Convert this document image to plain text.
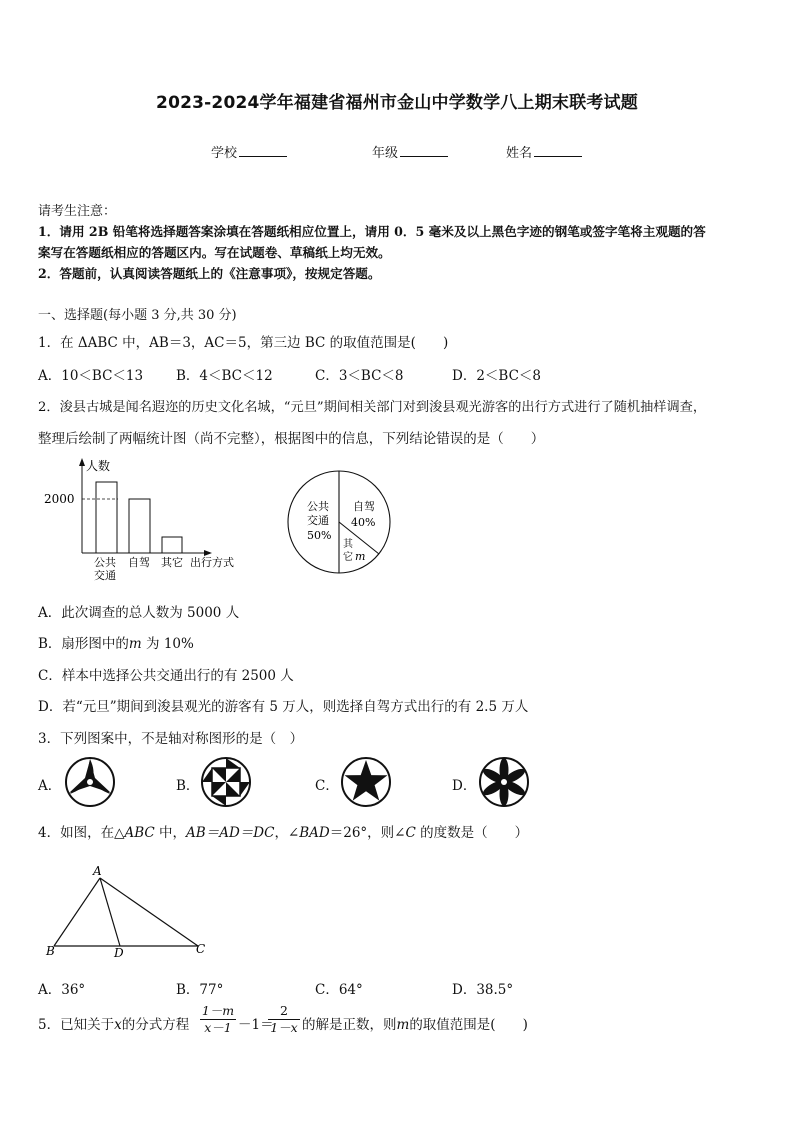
2023-2024学年福建省福州市金山中学数学八上期末联考试题
学校	年级	姓名
请考生注意：
1．请用 2B 铅笔将选择题答案涂填在答题纸相应位置上，请用 0．5 毫米及以上黑色字迹的钢笔或签字笔将主观题的答
案写在答题纸相应的答题区内。写在试题卷、草稿纸上均无效。
2．答题前，认真阅读答题纸上的《注意事项》，按规定答题。
一、选择题(每小题 3 分,共 30 分)
1．在 ΔABC 中，AB＝3，AC＝5，第三边 BC 的取值范围是(　　)
A．10＜BC＜13 B．4＜BC＜12	C．3＜BC＜8	D．2＜BC＜8
2．浚县古城是闻名遐迩的历史文化名城，“元旦”期间相关部门对到浚县观光游客的出行方式进行了随机抽样调查，
整理后绘制了两幅统计图（尚不完整），根据图中的信息，下列结论错误的是（　　）
人数
2000
公共
交通
自驾 其它 出行方式
公共
交通
50%
自驾
40%
其
它 m
A．此次调查的总人数为 5000 人
B．扇形图中的m 为 10%
C．样本中选择公共交通出行的有 2500 人
D．若“元旦”期间到浚县观光的游客有 5 万人，则选择自驾方式出行的有 2.5 万人
3．下列图案中，不是轴对称图形的是（　）
A．	B．	C．	D．
4．如图，在△ABC 中，AB＝AD＝DC，∠BAD＝26°，则∠C 的度数是（　　）
A
B	D	C
A．36°	B．77°	C．64°	D．38.5°
5．已知关于x的分式方程 $\frac{1-m}{x-1} -1=$
$\frac{2}{1-x}$ 的解是正数，则m的取值范围是(　　)
